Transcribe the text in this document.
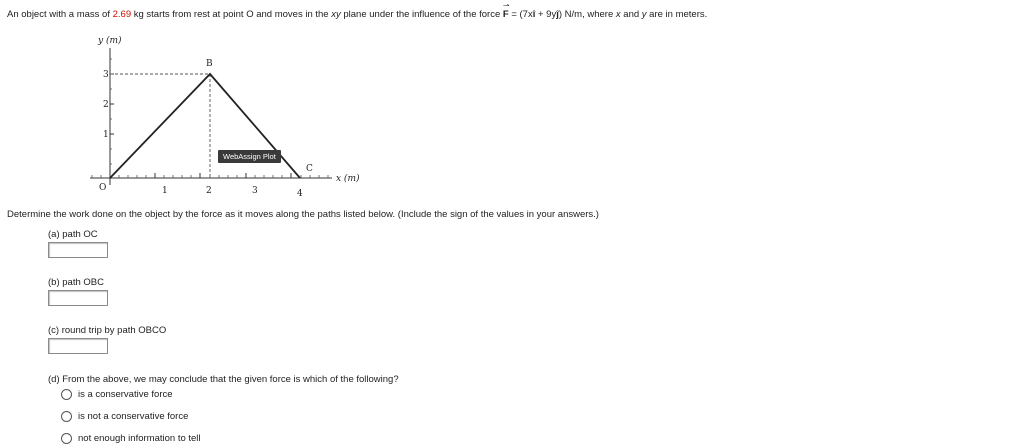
An object with a mass of 2.69 kg starts from rest at point O and moves in the xy plane under the influence of the force
⇀
F = (7xî + 9yĵ) N/m, where x and y are in meters.
y (m)
x (m)
O	1	2	3	4
1
2
3
B
C
WebAssign Plot
Determine the work done on the object by the force as it moves along the paths listed below. (Include the sign of the values in your answers.)
(a) path OC
(b) path OBC
(c) round trip by path OBCO
(d) From the above, we may conclude that the given force is which of the following?
is a conservative force
is not a conservative force
not enough information to tell
